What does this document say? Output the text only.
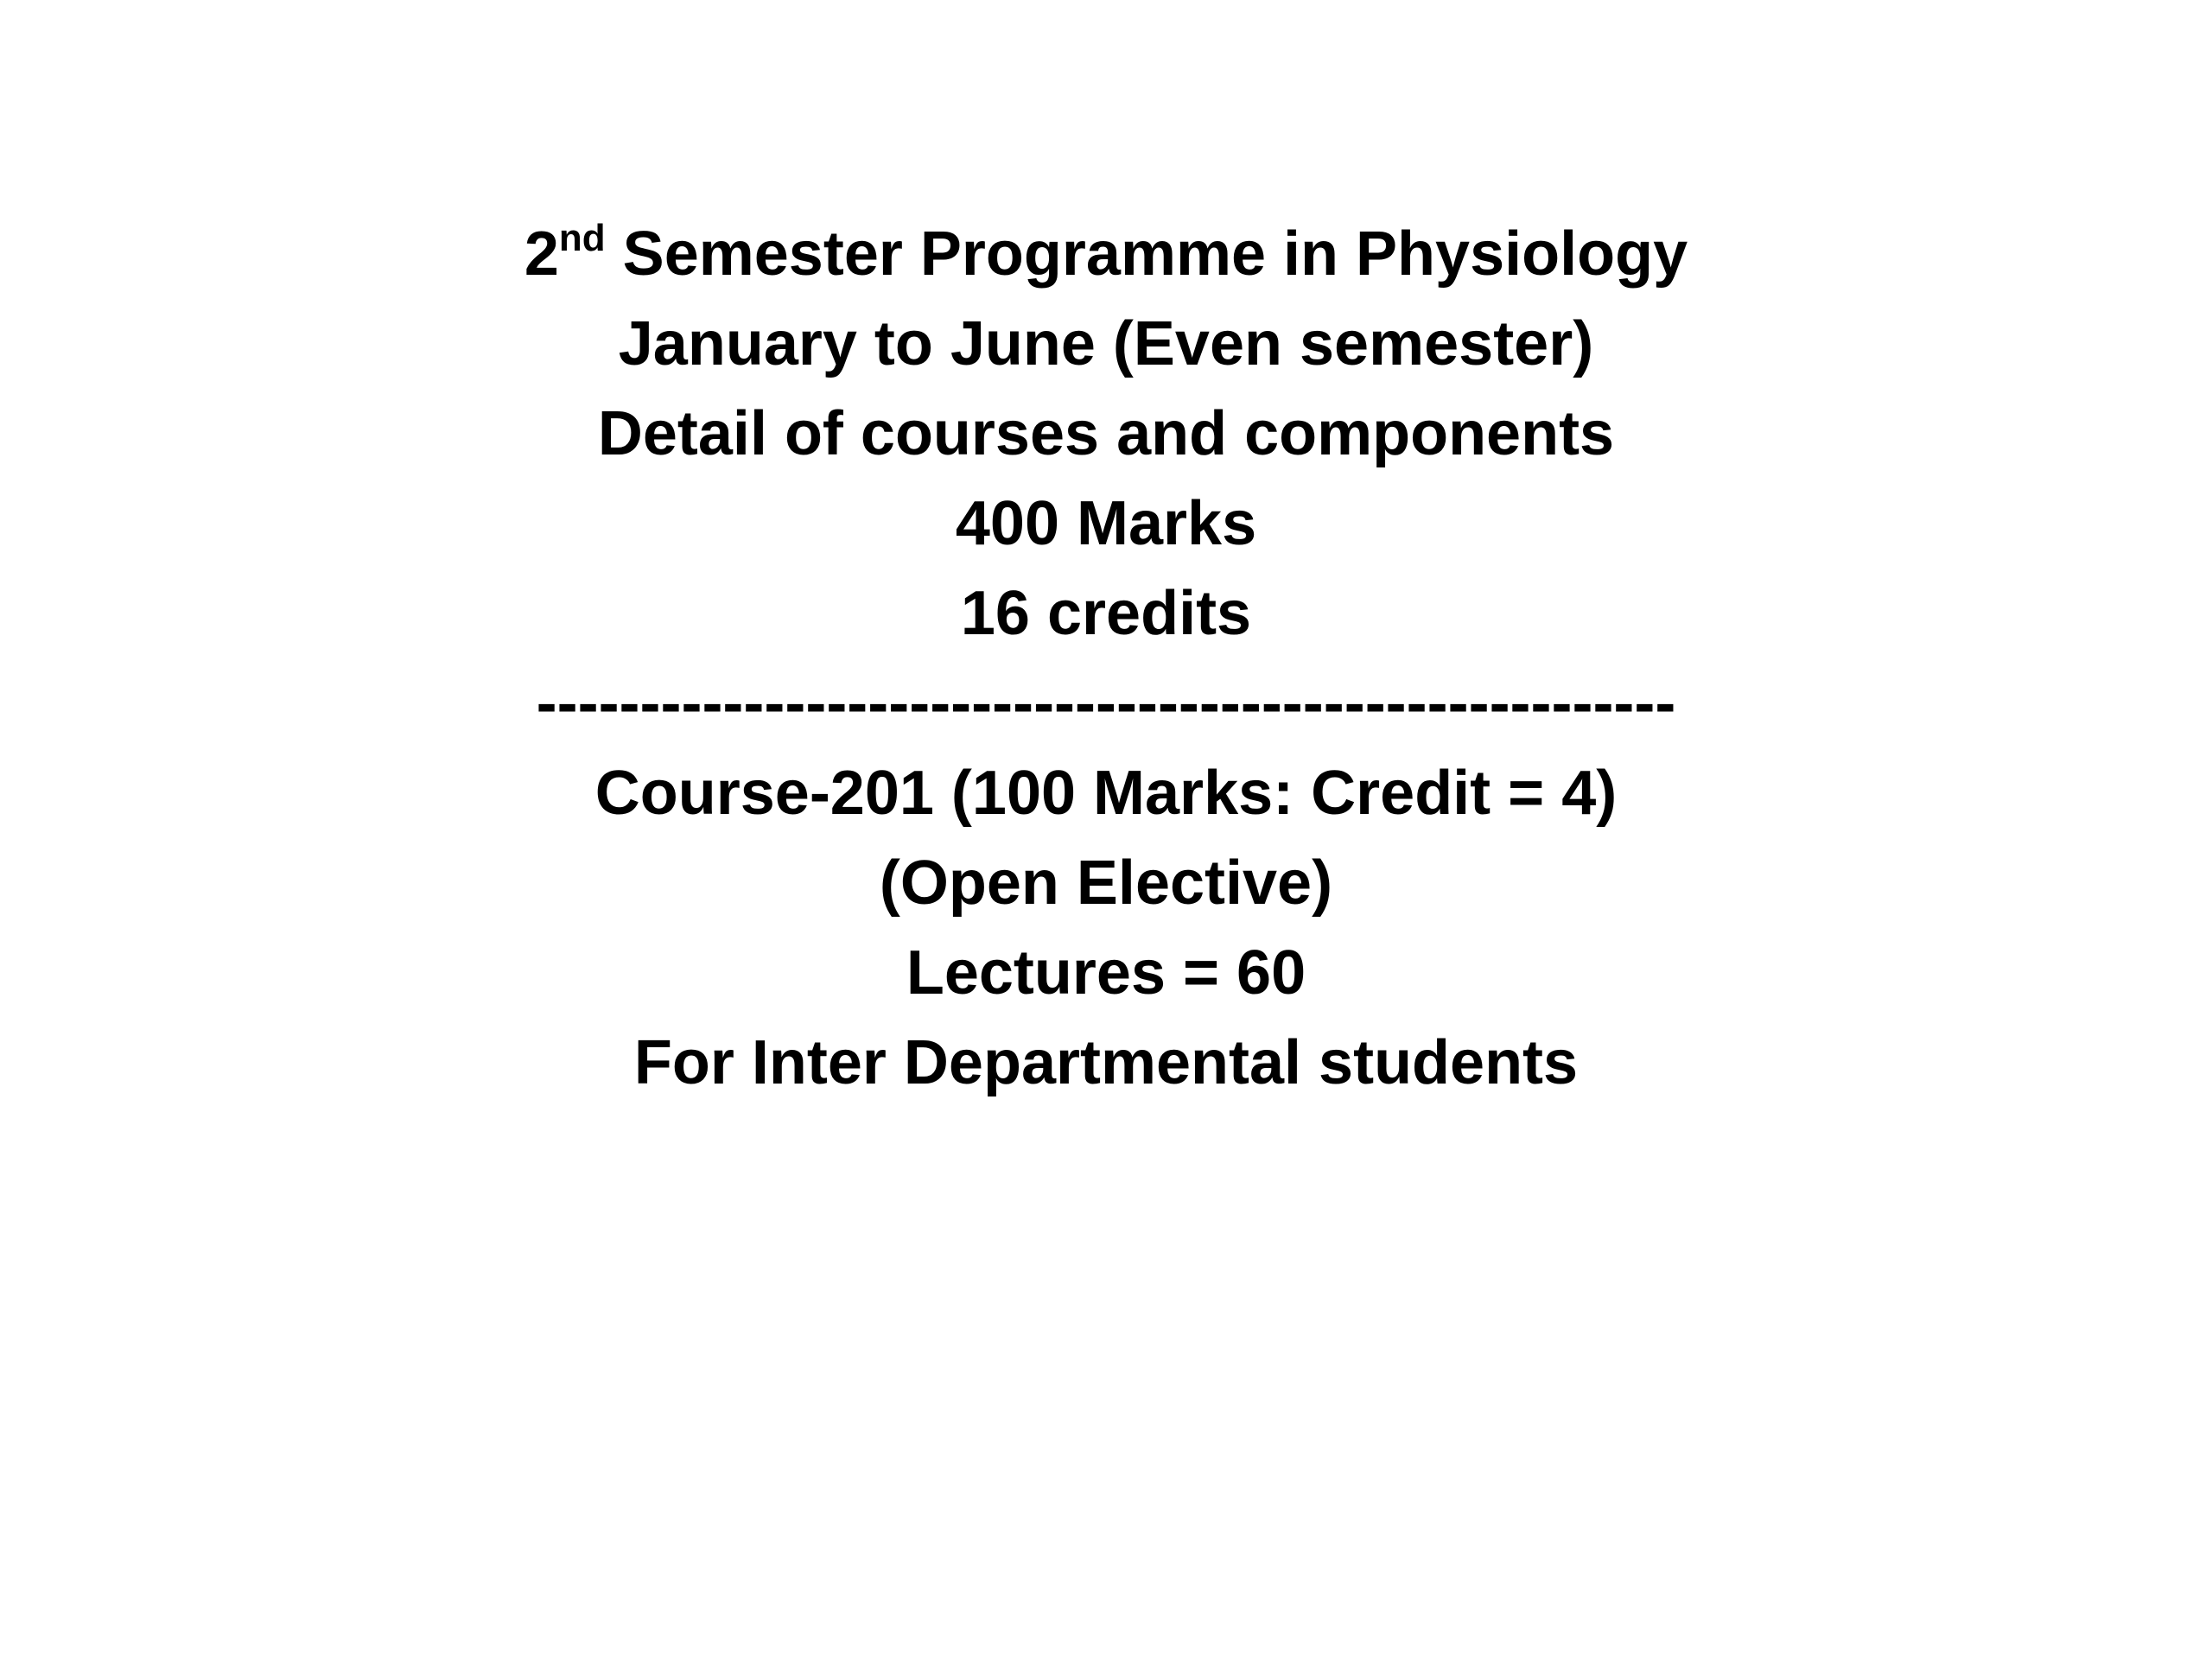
2nd Semester Programme in Physiology
January to June (Even semester)
Detail of courses and components
400 Marks
16 credits
-------------------------------------------------------
Course-201 (100 Marks: Credit = 4)
(Open Elective)
Lectures = 60
For Inter Departmental students
